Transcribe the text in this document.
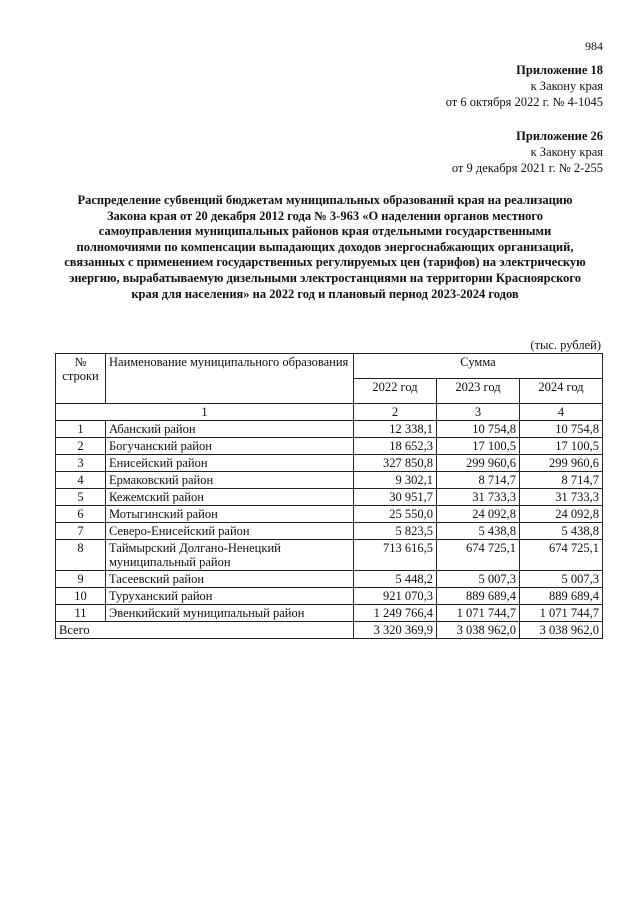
984
Приложение 18
к Закону края
от 6 октября 2022 г. № 4-1045
Приложение 26
к Закону края
от 9 декабря 2021 г. № 2-255
Распределение субвенций бюджетам муниципальных образований края на реализацию
Закона края от 20 декабря 2012 года № 3-963 «О наделении органов местного
самоуправления муниципальных районов края отдельными государственными
полномочиями по компенсации выпадающих доходов энергоснабжающих организаций,
связанных с применением государственных регулируемых цен (тарифов) на электрическую
энергию, вырабатываемую дизельными электростанциями на территории Красноярского
края для населения» на 2022 год и плановый период 2023-2024 годов
(тыс. рублей)
№
строки	Наименование муниципального образования	Сумма		
		2022 год	2023 год	2024 год
1		2	3	4
1	Абанский район	12 338,1	10 754,8	10 754,8
2	Богучанский район	18 652,3	17 100,5	17 100,5
3	Енисейский район	327 850,8	299 960,6	299 960,6
4	Ермаковский район	9 302,1	8 714,7	8 714,7
5	Кежемский район	30 951,7	31 733,3	31 733,3
6	Мотыгинский район	25 550,0	24 092,8	24 092,8
7	Северо-Енисейский район	5 823,5	5 438,8	5 438,8
8	Таймырский Долгано-Ненецкий муниципальный район	713 616,5	674 725,1	674 725,1
9	Тасеевский район	5 448,2	5 007,3	5 007,3
10	Туруханский район	921 070,3	889 689,4	889 689,4
11	Эвенкийский муниципальный район	1 249 766,4	1 071 744,7	1 071 744,7
Всего		3 320 369,9	3 038 962,0	3 038 962,0
